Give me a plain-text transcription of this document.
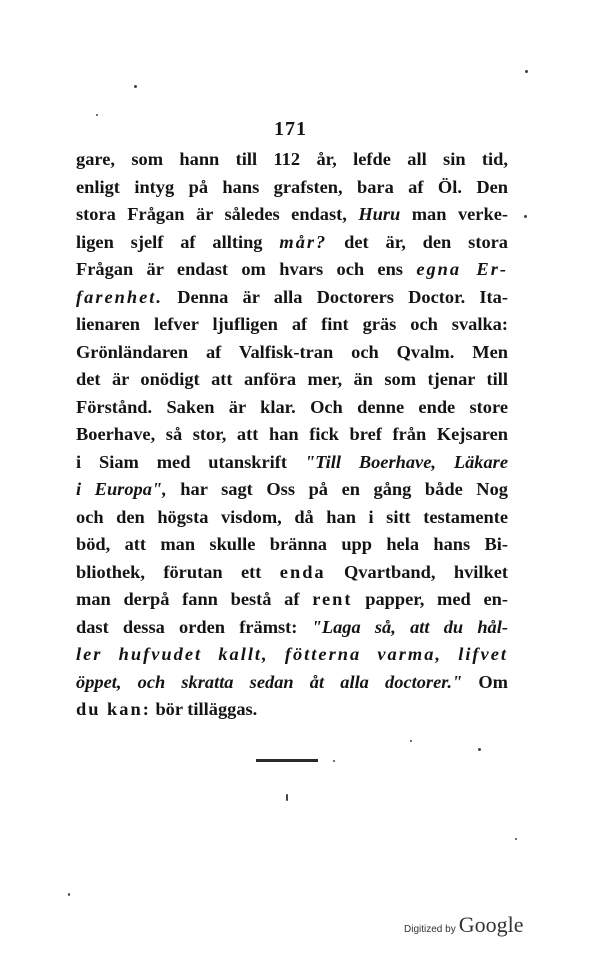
171
gare, som hann till 112 år, lefde all sin tid,
enligt intyg på hans grafsten, bara af Öl. Den
stora Frågan är således endast, Huru man verke-
ligen sjelf af allting mår? det är, den stora
Frågan är endast om hvars och ens egna Er-
farenhet. Denna är alla Doctorers Doctor. Ita-
lienaren lefver ljufligen af fint gräs och svalka:
Grönländaren af Valfisk-tran och Qvalm. Men
det är onödigt att anföra mer, än som tjenar till
Förstånd. Saken är klar. Och denne ende store
Boerhave, så stor, att han fick bref från Kejsaren
i Siam med utanskrift "Till Boerhave, Läkare
i Europa", har sagt Oss på en gång både Nog
och den högsta visdom, då han i sitt testamente
böd, att man skulle bränna upp hela hans Bi-
bliothek, förutan ett enda Qvartband, hvilket
man derpå fann bestå af rent papper, med en-
dast dessa orden främst: "Laga så, att du hål-
ler hufvudet kallt, fötterna varma, lifvet
öppet, och skratta sedan åt alla doctorer." Om
du kan: bör tilläggas.
Digitized by Google
